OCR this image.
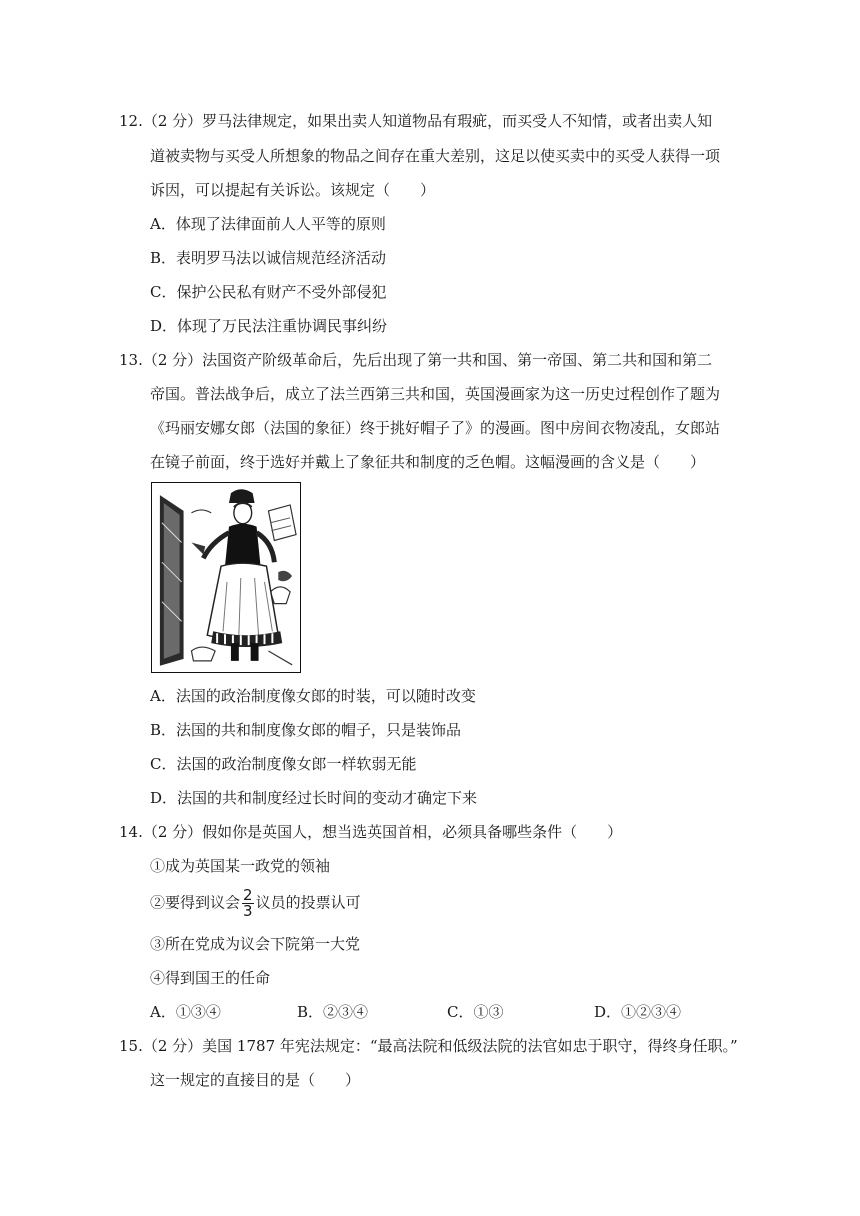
12.（2 分）罗马法律规定，如果出卖人知道物品有瑕疵，而买受人不知情，或者出卖人知
道被卖物与买受人所想象的物品之间存在重大差别，这足以使买卖中的买受人获得一项
诉因，可以提起有关诉讼。该规定（　　）
A．体现了法律面前人人平等的原则
B．表明罗马法以诚信规范经济活动
C．保护公民私有财产不受外部侵犯
D．体现了万民法注重协调民事纠纷
13.（2 分）法国资产阶级革命后，先后出现了第一共和国、第一帝国、第二共和国和第二
帝国。普法战争后，成立了法兰西第三共和国，英国漫画家为这一历史过程创作了题为
《玛丽安娜女郎（法国的象征）终于挑好帽子了》的漫画。图中房间衣物凌乱，女郎站
在镜子前面，终于选好并戴上了象征共和制度的乏色帽。这幅漫画的含义是（　　）
A．法国的政治制度像女郎的时装，可以随时改变
B．法国的共和制度像女郎的帽子，只是装饰品
C．法国的政治制度像女郎一样软弱无能
D．法国的共和制度经过长时间的变动才确定下来
14.（2 分）假如你是英国人，想当选英国首相，必须具备哪些条件（　　）
①成为英国某一政党的领袖
②要得到议会 $\frac{2}{3}$ 议员的投票认可
③所在党成为议会下院第一大党
④得到国王的任命
A．①③④	B．②③④	C．①③	D．①②③④
15.（2 分）美国 1787 年宪法规定：“最高法院和低级法院的法官如忠于职守，得终身任职。”
这一规定的直接目的是（　　）
